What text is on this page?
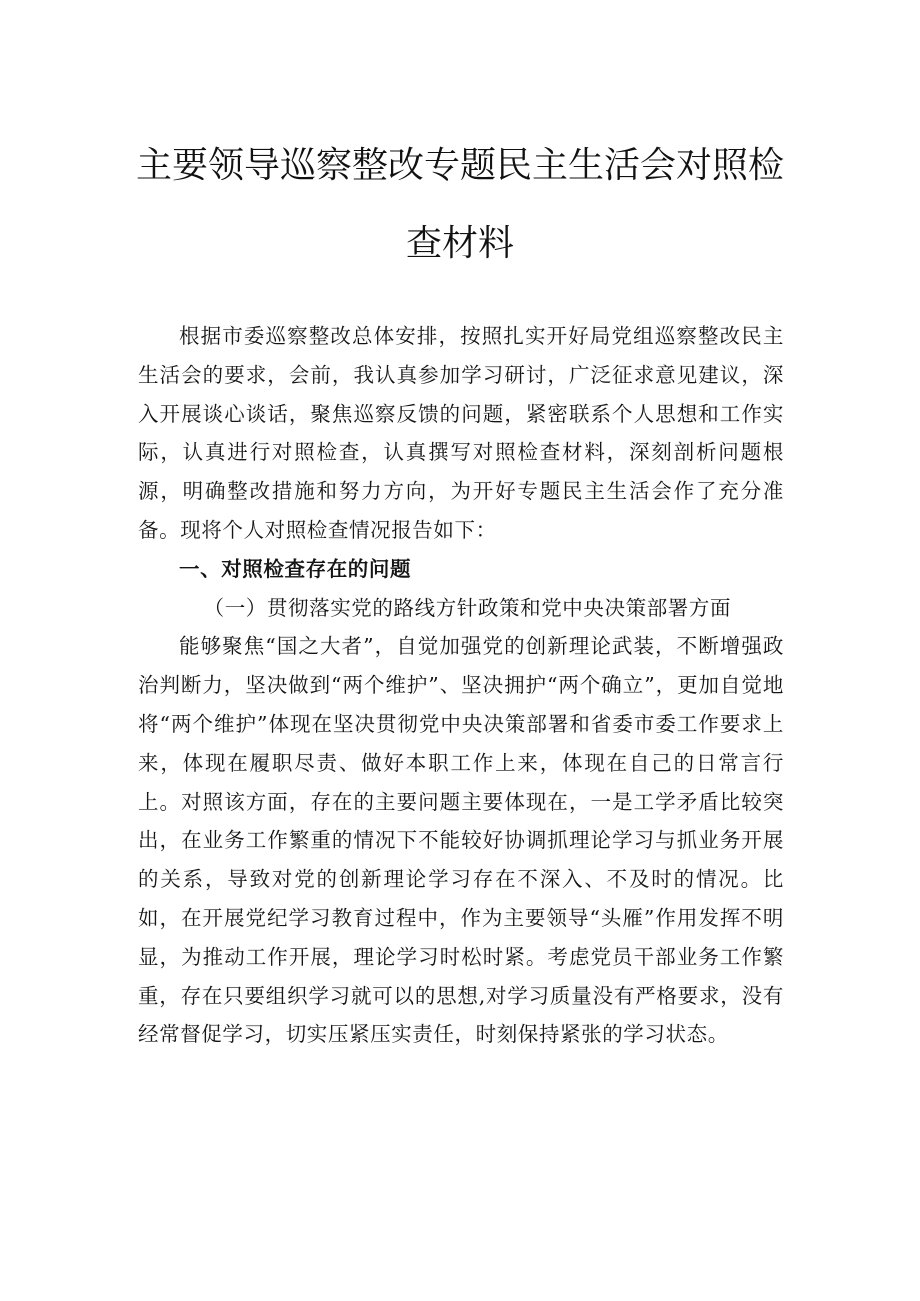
主要领导巡察整改专题民主生活会对照检
查材料

根据市委巡察整改总体安排，按照扎实开好局党组巡察整改民主生活会的要求，会前，我认真参加学习研讨，广泛征求意见建议，深入开展谈心谈话，聚焦巡察反馈的问题，紧密联系个人思想和工作实际，认真进行对照检查，认真撰写对照检查材料，深刻剖析问题根源，明确整改措施和努力方向，为开好专题民主生活会作了充分准备。现将个人对照检查情况报告如下：

一、对照检查存在的问题

（一）贯彻落实党的路线方针政策和党中央决策部署方面

能够聚焦“国之大者”，自觉加强党的创新理论武装，不断增强政治判断力，坚决做到“两个维护”、坚决拥护“两个确立”，更加自觉地将“两个维护”体现在坚决贯彻党中央决策部署和省委市委工作要求上来，体现在履职尽责、做好本职工作上来，体现在自己的日常言行上。对照该方面，存在的主要问题主要体现在，一是工学矛盾比较突出，在业务工作繁重的情况下不能较好协调抓理论学习与抓业务开展的关系，导致对党的创新理论学习存在不深入、不及时的情况。比如，在开展党纪学习教育过程中，作为主要领导“头雁”作用发挥不明显，为推动工作开展，理论学习时松时紧。考虑党员干部业务工作繁重，存在只要组织学习就可以的思想,对学习质量没有严格要求，没有经常督促学习，切实压紧压实责任，时刻保持紧张的学习状态。
